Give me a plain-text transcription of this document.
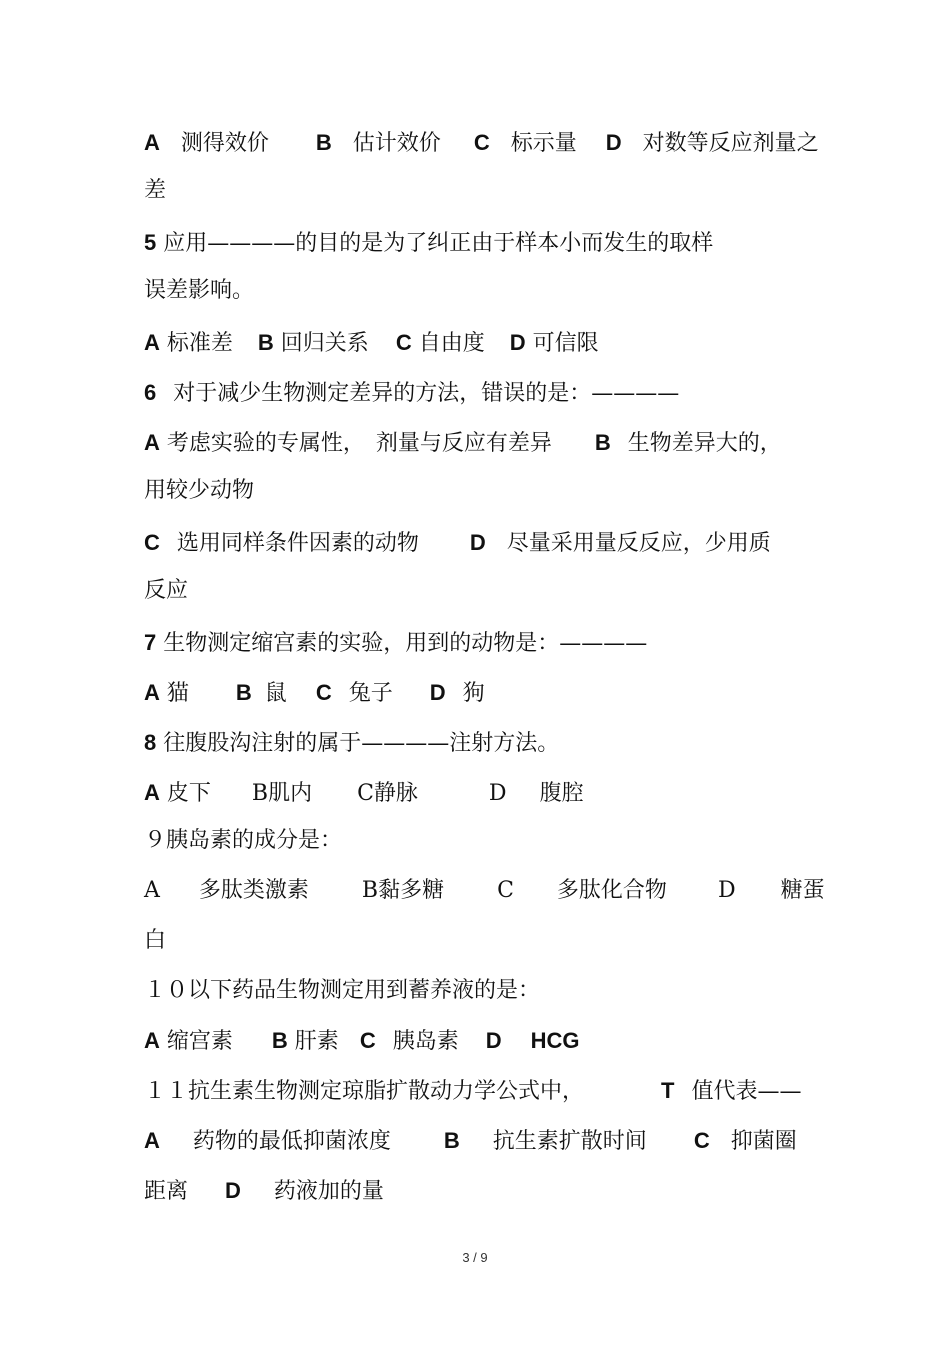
A 测得效价 B 估计效价 C 标示量 D 对数等反应剂量之
差
5 应用————的目的是为了纠正由于样本小而发生的取样
误差影响。
A 标准差 B 回归关系 C 自由度 D 可信限
6 对于减少生物测定差异的方法，错误的是：————
A 考虑实验的专属性，　剂量与反应有差异 B 生物差异大的，
用较少动物
C 选用同样条件因素的动物 D 尽量采用量反反应，少用质
反应
7 生物测定缩宫素的实验，用到的动物是：————
A 猫 B 鼠 C 兔子 D 狗
8 往腹股沟注射的属于————注射方法。
A 皮下 B肌内 C静脉	D 腹腔
９胰岛素的成分是：
A 多肽类激素 B黏多糖 C 多肽化合物 D 糖蛋
白
１０以下药品生物测定用到蓄养液的是：
A 缩宫素 B 肝素 C 胰岛素 D HCG
１１抗生素生物测定琼脂扩散动力学公式中，	T 值代表——
A 药物的最低抑菌浓度 B 抗生素扩散时间 C 抑菌圈
距离 D 药液加的量
3 / 9
